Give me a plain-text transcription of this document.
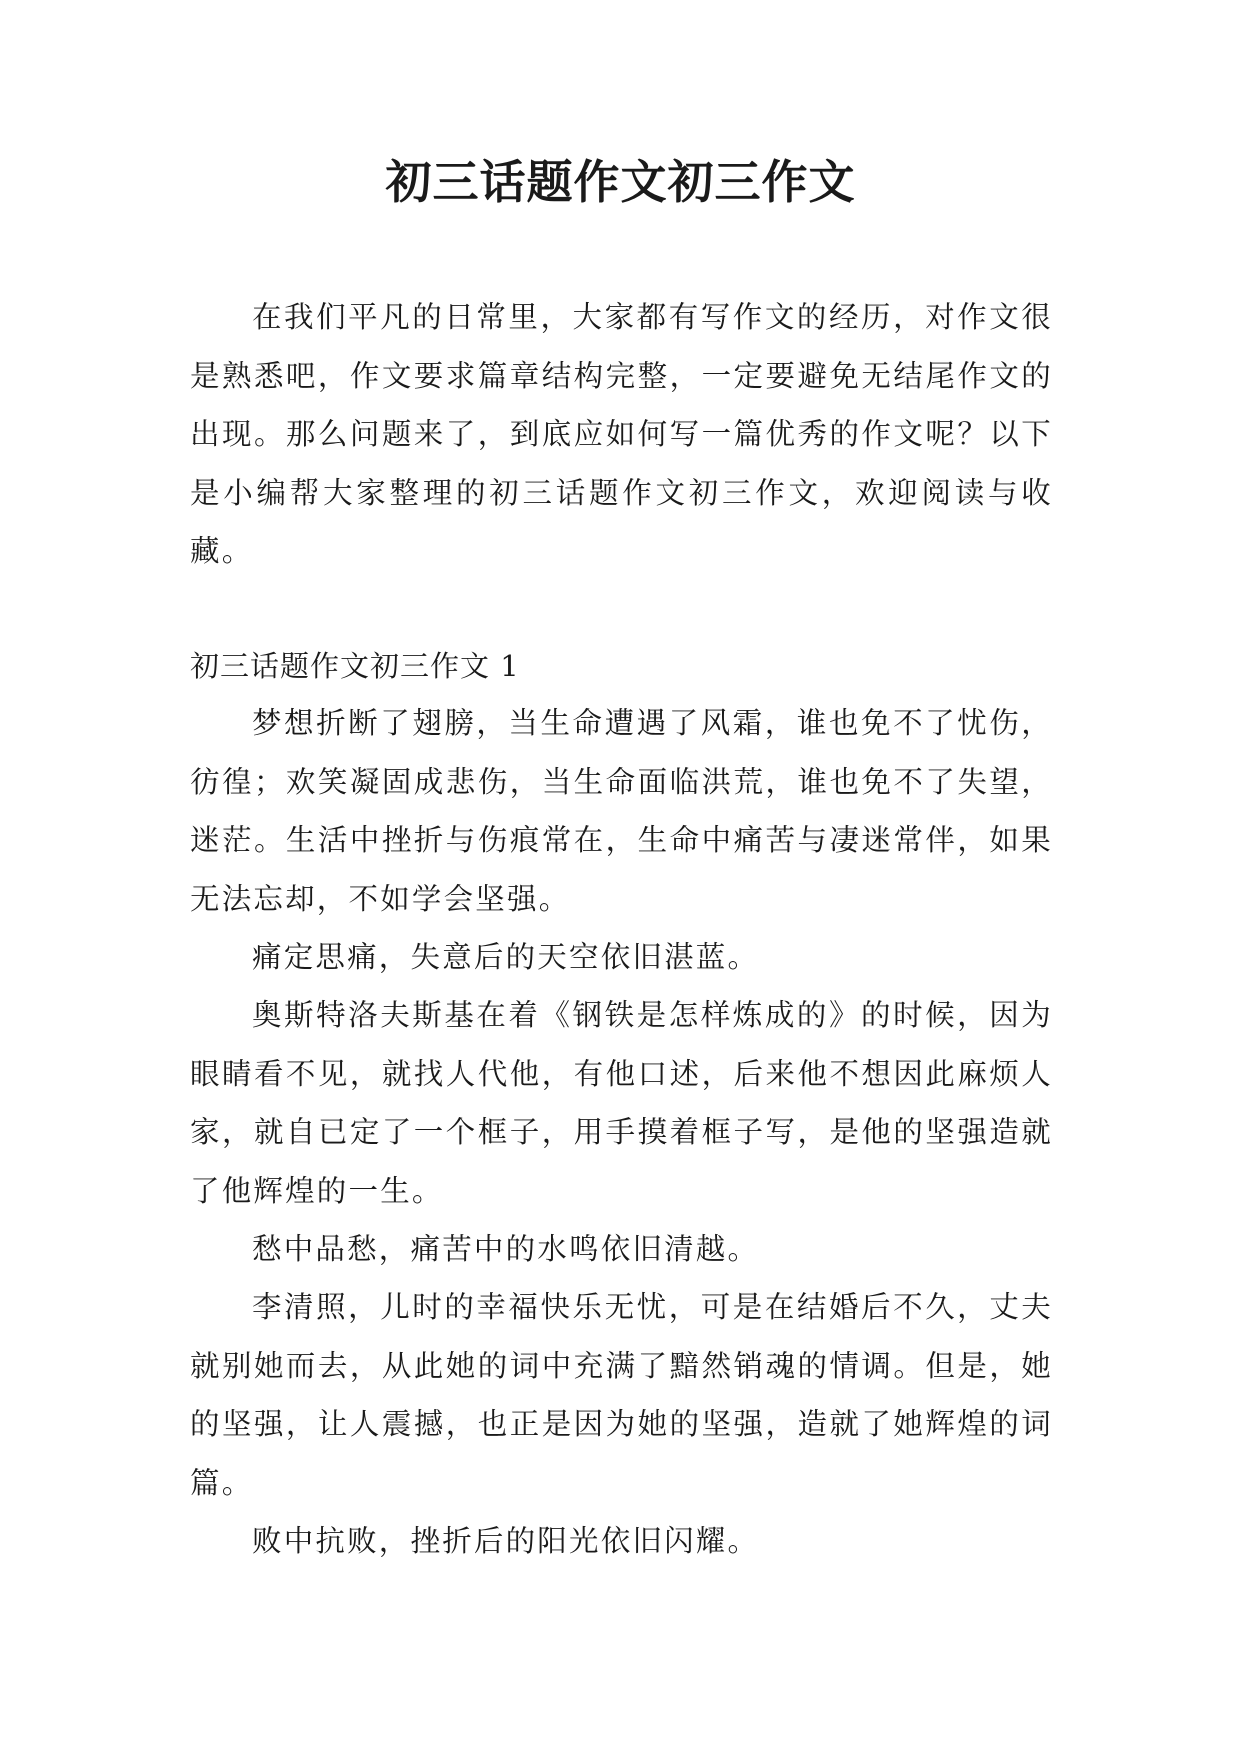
初三话题作文初三作文

在我们平凡的日常里，大家都有写作文的经历，对作文很是熟悉吧，作文要求篇章结构完整，一定要避免无结尾作文的出现。那么问题来了，到底应如何写一篇优秀的作文呢？以下是小编帮大家整理的初三话题作文初三作文，欢迎阅读与收藏。

初三话题作文初三作文 1

梦想折断了翅膀，当生命遭遇了风霜，谁也免不了忧伤，彷徨；欢笑凝固成悲伤，当生命面临洪荒，谁也免不了失望，迷茫。生活中挫折与伤痕常在，生命中痛苦与凄迷常伴，如果无法忘却，不如学会坚强。

痛定思痛，失意后的天空依旧湛蓝。

奥斯特洛夫斯基在着《钢铁是怎样炼成的》的时候，因为眼睛看不见，就找人代他，有他口述，后来他不想因此麻烦人家，就自已定了一个框子，用手摸着框子写，是他的坚强造就了他辉煌的一生。

愁中品愁，痛苦中的水鸣依旧清越。

李清照，儿时的幸福快乐无忧，可是在结婚后不久，丈夫就别她而去，从此她的词中充满了黯然销魂的情调。但是，她的坚强，让人震撼，也正是因为她的坚强，造就了她辉煌的词篇。

败中抗败，挫折后的阳光依旧闪耀。
